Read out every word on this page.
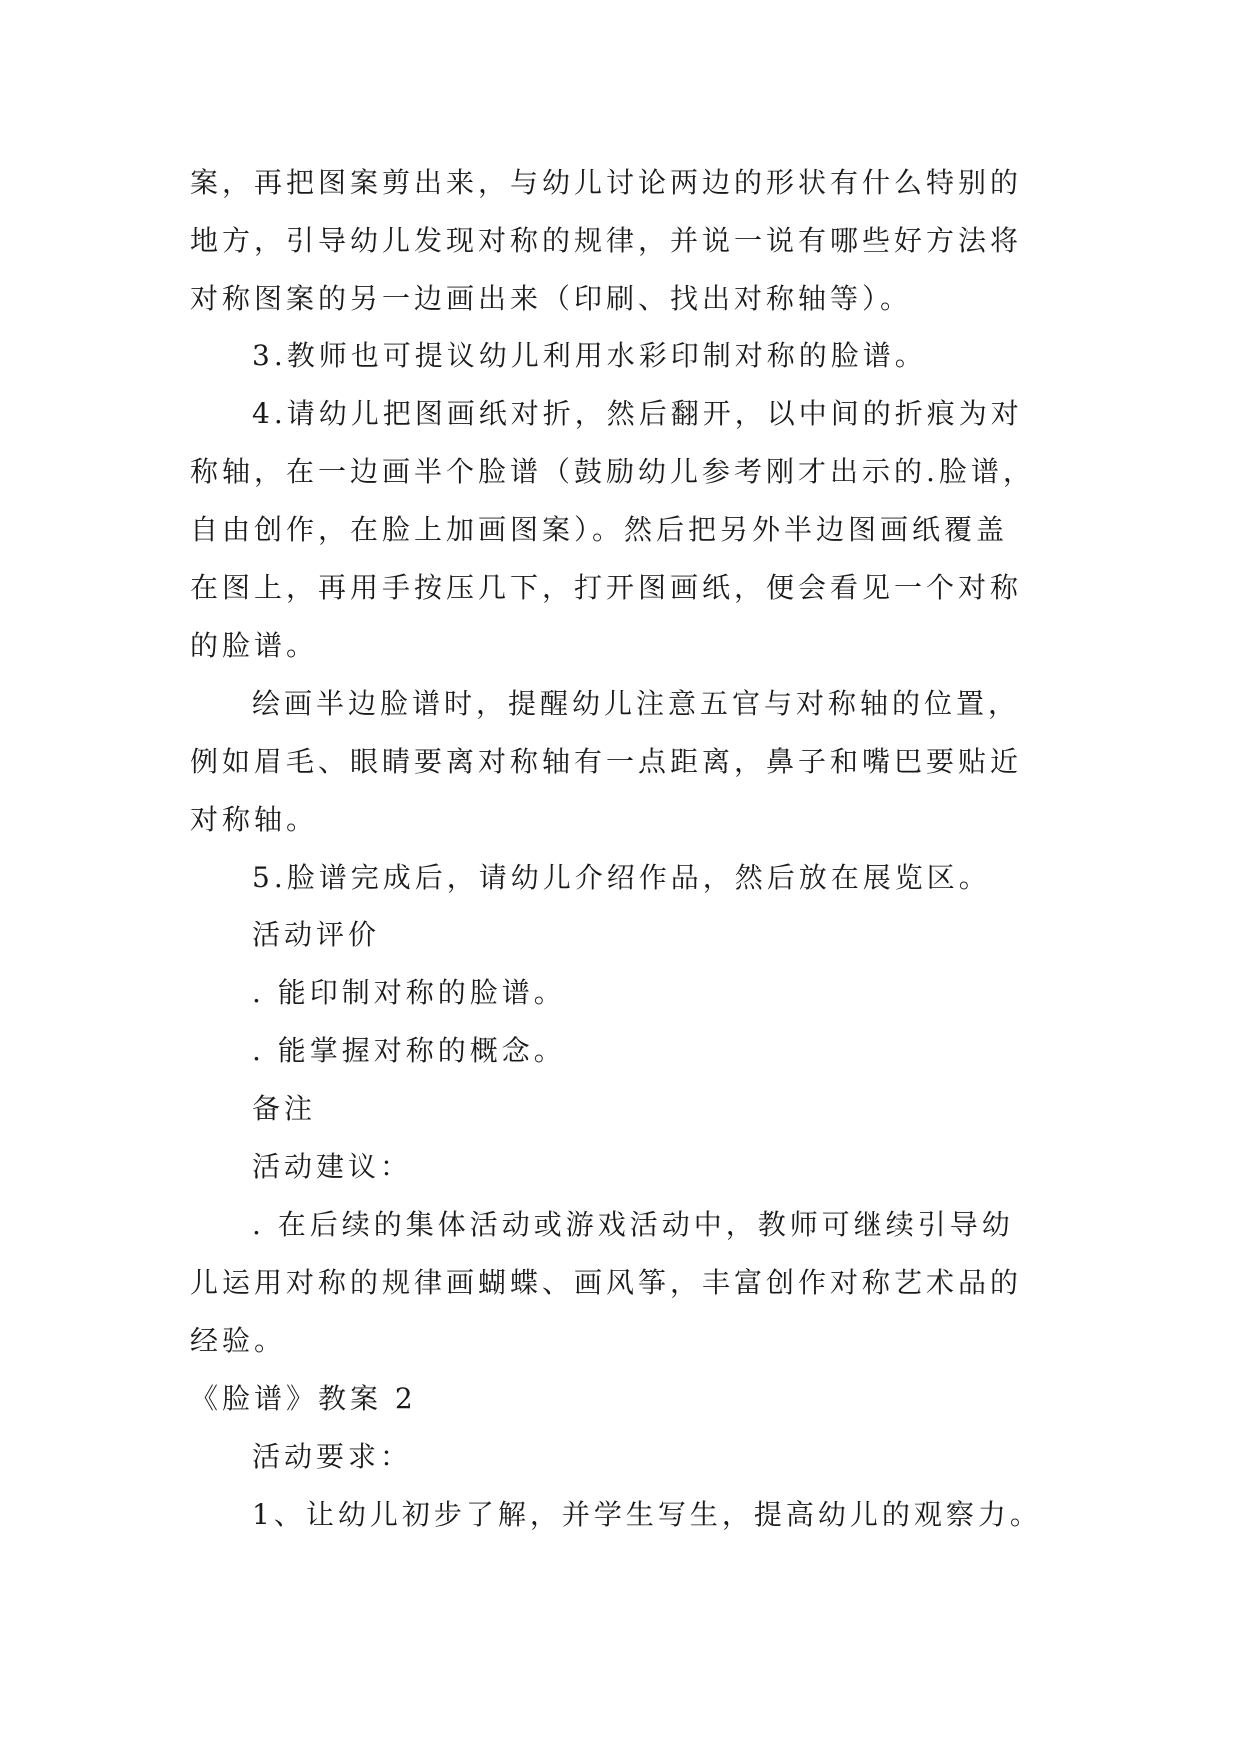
案，再把图案剪出来，与幼儿讨论两边的形状有什么特别的
地方，引导幼儿发现对称的规律，并说一说有哪些好方法将
对称图案的另一边画出来（印刷、找出对称轴等）。
3.教师也可提议幼儿利用水彩印制对称的脸谱。
4.请幼儿把图画纸对折，然后翻开，以中间的折痕为对
称轴，在一边画半个脸谱（鼓励幼儿参考刚才出示的.脸谱，
自由创作，在脸上加画图案）。然后把另外半边图画纸覆盖
在图上，再用手按压几下，打开图画纸，便会看见一个对称
的脸谱。
绘画半边脸谱时，提醒幼儿注意五官与对称轴的位置，
例如眉毛、眼睛要离对称轴有一点距离，鼻子和嘴巴要贴近
对称轴。
5.脸谱完成后，请幼儿介绍作品，然后放在展览区。
活动评价
. 能印制对称的脸谱。
. 能掌握对称的概念。
备注
活动建议：
. 在后续的集体活动或游戏活动中，教师可继续引导幼
儿运用对称的规律画蝴蝶、画风筝，丰富创作对称艺术品的
经验。
《脸谱》教案 2
活动要求：
1、让幼儿初步了解，并学生写生，提高幼儿的观察力。
